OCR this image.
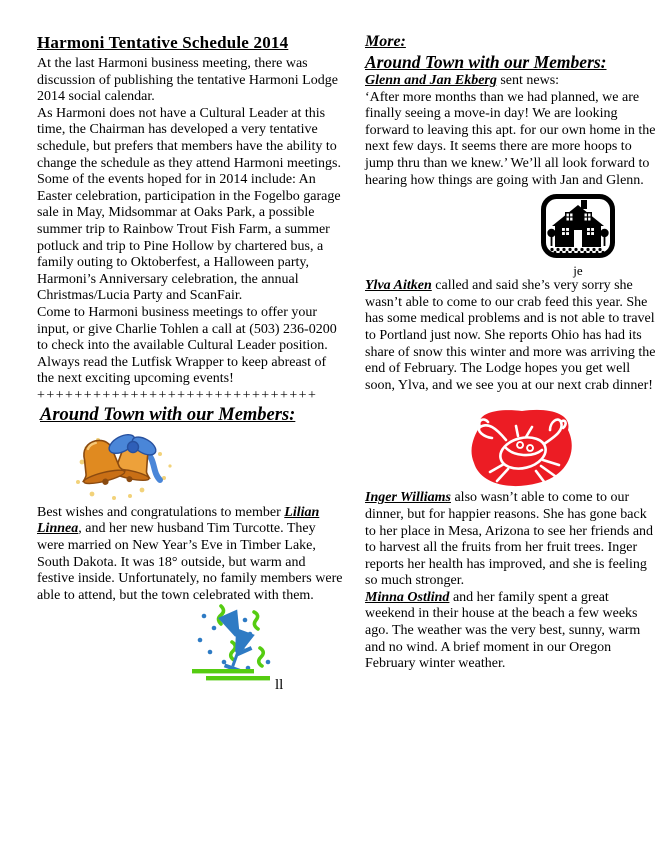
Harmoni Tentative Schedule 2014

At the last Harmoni business meeting, there was discussion of publishing the tentative Harmoni Lodge 2014 social calendar.

As Harmoni does not have a Cultural Leader at this time, the Chairman has developed a very tentative schedule, but prefers that members have the ability to change the schedule as they attend Harmoni meetings. Some of the events hoped for in 2014 include: An Easter celebration, participation in the Fogelbo garage sale in May, Midsommar at Oaks Park, a possible summer trip to Rainbow Trout Fish Farm, a summer potluck and trip to Pine Hollow by chartered bus, a family outing to Oktoberfest, a Halloween party, Harmoni’s Anniversary celebration, the annual Christmas/Lucia Party and ScanFair.

Come to Harmoni business meetings to offer your input, or give Charlie Tohlen a call at (503) 236-0200 to check into the available Cultural Leader position. Always read the Lutfisk Wrapper to keep abreast of the next exciting upcoming events!

++++++++++++++++++++++++++++++

Around Town with our Members:

Best wishes and congratulations to member Lilian Linnea, and her new husband Tim Turcotte. They were married on New Year’s Eve in Timber Lake, South Dakota. It was 18° outside, but warm and festive inside. Unfortunately, no family members were able to attend, but the town celebrated with them.

ll
More:
Around Town with our Members:

Glenn and Jan Ekberg sent news:
‘After more months than we had planned, we are finally seeing a move-in day! We are looking forward to leaving this apt. for our own home in the next few days. It seems there are more hoops to jump thru than we knew.’ We’ll all look forward to hearing how things are going with Jan and Glenn.

je

Ylva Aitken called and said she’s very sorry she wasn’t able to come to our crab feed this year. She has some medical problems and is not able to travel to Portland just now. She reports Ohio has had its share of snow this winter and more was arriving the end of February. The Lodge hopes you get well soon, Ylva, and we see you at our next crab dinner!

Inger Williams also wasn’t able to come to our dinner, but for happier reasons. She has gone back to her place in Mesa, Arizona to see her friends and to harvest all the fruits from her fruit trees. Inger reports her health has improved, and she is feeling so much stronger.

Minna Ostlind and her family spent a great weekend in their house at the beach a few weeks ago. The weather was the very best, sunny, warm and no wind. A brief moment in our Oregon February winter weather.
